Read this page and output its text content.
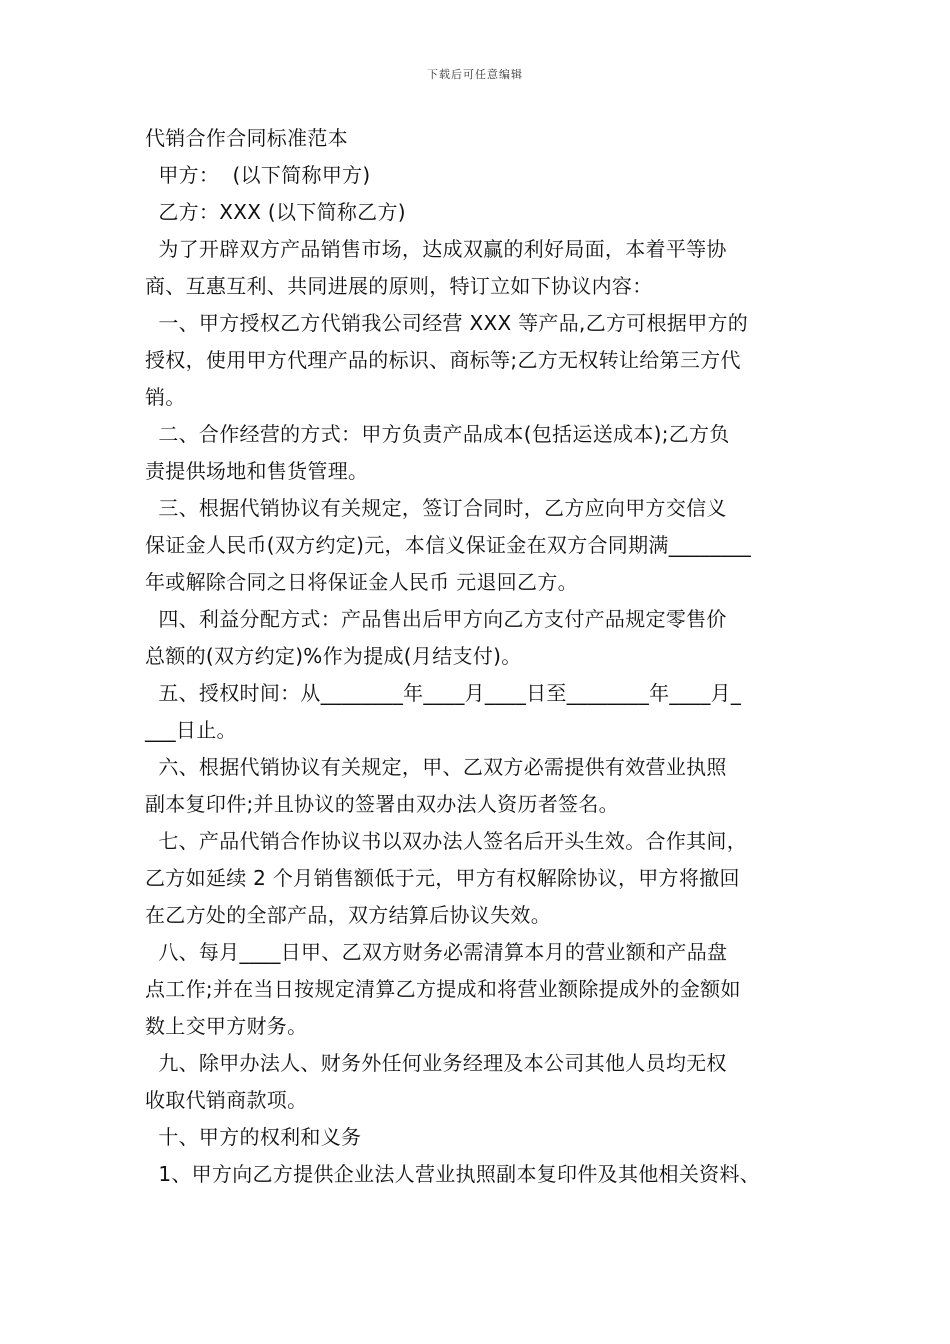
下载后可任意编辑
代销合作合同标准范本
甲方：  (以下简称甲方)
乙方：XXX (以下简称乙方)
为了开辟双方产品销售市场，达成双赢的利好局面，本着平等协
商、互惠互利、共同进展的原则，特订立如下协议内容：
一、甲方授权乙方代销我公司经营 XXX 等产品,乙方可根据甲方的
授权，使用甲方代理产品的标识、商标等;乙方无权转让给第三方代
销。
二、合作经营的方式：甲方负责产品成本(包括运送成本);乙方负
责提供场地和售货管理。
三、根据代销协议有关规定，签订合同时，乙方应向甲方交信义
保证金人民币(双方约定)元，本信义保证金在双方合同期满________
年或解除合同之日将保证金人民币 元退回乙方。
四、利益分配方式：产品售出后甲方向乙方支付产品规定零售价
总额的(双方约定)%作为提成(月结支付)。
五、授权时间：从________年____月____日至________年____月_
___日止。
六、根据代销协议有关规定，甲、乙双方必需提供有效营业执照
副本复印件;并且协议的签署由双办法人资历者签名。
七、产品代销合作协议书以双办法人签名后开头生效。合作其间，
乙方如延续 2 个月销售额低于元，甲方有权解除协议，甲方将撤回
在乙方处的全部产品，双方结算后协议失效。
八、每月____日甲、乙双方财务必需清算本月的营业额和产品盘
点工作;并在当日按规定清算乙方提成和将营业额除提成外的金额如
数上交甲方财务。
九、除甲办法人、财务外任何业务经理及本公司其他人员均无权
收取代销商款项。
十、甲方的权利和义务
1、甲方向乙方提供企业法人营业执照副本复印件及其他相关资料、
